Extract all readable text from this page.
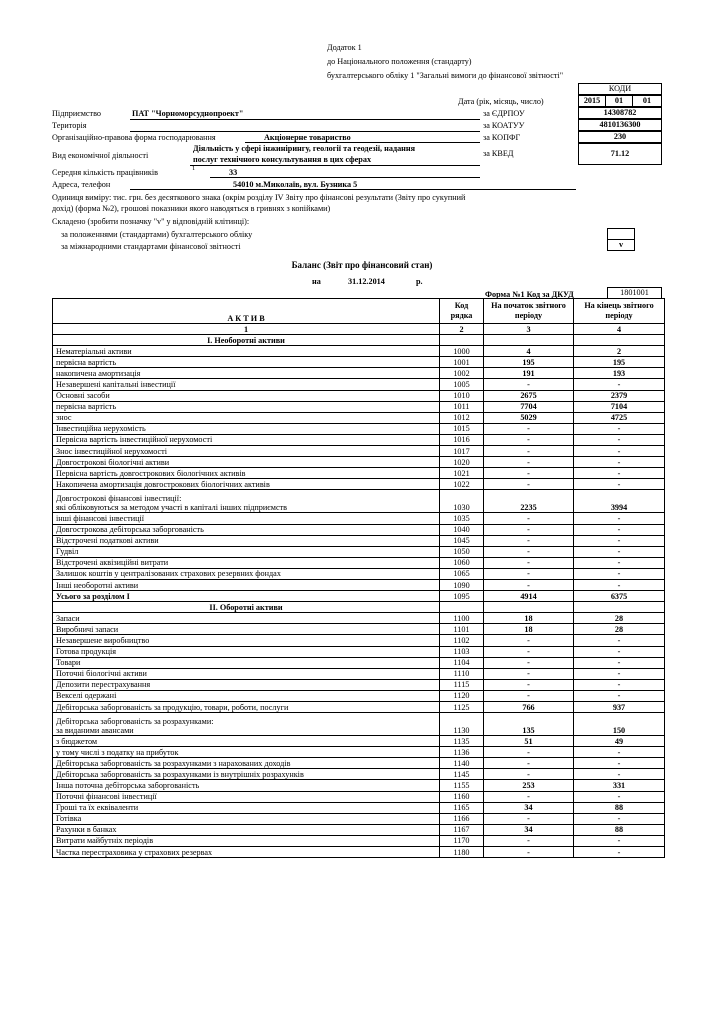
Додаток 1
до Національного положення (стандарту)
бухгалтерського обліку 1 "Загальні вимоги до фінансової звітності"
КОДИ
Дата (рік, місяць, число)	2015	01	01
за ЄДРПОУ	14308782
за КОАТУУ	4810136300
за КОПФГ	230
за КВЕД	71.12
Підприємство	ПАТ "Чорноморсуднопроект"
Територія
Організаційно-правова форма господарювання	Акціонерне товариство
Вид економічної діяльності
Діяльність у сфері інжинірингу, геології та геодезії, надання
послуг технічного консультування в цих сферах
Середня кількість працівників	1	33
Адреса, телефон	54010 м.Миколаїв, вул. Бузника 5
Одиниця виміру: тис. грн. без десяткового знака (окрім розділу IV Звіту про фінансові результати (Звіту про сукупний
дохід) (форма №2), грошові показники якого наводяться в гривнях з копійками)
Складено (зробити позначку "v" у відповідній клітинці):
за положеннями (стандартами) бухгалтерського обліку
за міжнародними стандартами фінансової звітності	v
Баланс (Звіт про фінансовий стан)
на	31.12.2014	р.
Форма №1 Код за ДКУД	1801001
А К Т И В	Код рядка	На початок звітного періоду	На кінець звітного періоду
1	2	3	4
I. Необоротні активи			
Нематеріальні активи	1000	4	2
первісна вартість	1001	195	195
накопичена амортизація	1002	191	193
Незавершені капітальні інвестиції	1005	-	-
Основні засоби	1010	2675	2379
первісна вартість	1011	7704	7104
знос	1012	5029	4725
Інвестиційна нерухомість	1015	-	-
Первісна вартість інвестиційної нерухомості	1016	-	-
Знос інвестиційної нерухомості	1017	-	-
Довгострокові біологічні активи	1020	-	-
Первісна вартість довгострокових біологічних активів	1021	-	-
Накопичена амортизація довгострокових біологічних активів	1022	-	-

Довгострокові фінансові інвестиції:
які обліковуються за методом участі в капіталі інших підприємств	1030	2235	3994
інші фінансові інвестиції	1035	-	-
Довгострокова дебіторська заборгованість	1040	-	-
Відстрочені податкові активи	1045	-	-
Гудвіл	1050	-	-
Відстрочені аквізиційні витрати	1060	-	-
Залишок коштів у централізованих страхових резервних фондах	1065	-	-
Інші необоротні активи	1090	-	-
Усього за розділом I	1095	4914	6375
II. Оборотні активи			
Запаси	1100	18	28
Виробничі запаси	1101	18	28
Незавершене виробництво	1102	-	-
Готова продукція	1103	-	-
Товари	1104	-	-
Поточні біологічні активи	1110	-	-
Депозити перестрахування	1115	-	-
Векселі одержані	1120	-	-
Дебіторська заборгованість за продукцію, товари, роботи, послуги	1125	766	937

Дебіторська заборгованість за розрахунками:
за виданими авансами	1130	135	150
з бюджетом	1135	51	49
у тому числі з податку на прибуток	1136	-	-
Дебіторська заборгованість за розрахунками з нарахованих доходів	1140	-	-
Дебіторська заборгованість за розрахунками із внутрішніх розрахунків	1145	-	-
Інша поточна дебіторська заборгованість	1155	253	331
Поточні фінансові інвестиції	1160	-	-
Гроші та їх еквіваленти	1165	34	88
Готівка	1166	-	-
Рахунки в банках	1167	34	88
Витрати майбутніх періодів	1170	-	-
Частка перестраховика у страхових резервах	1180	-	-
